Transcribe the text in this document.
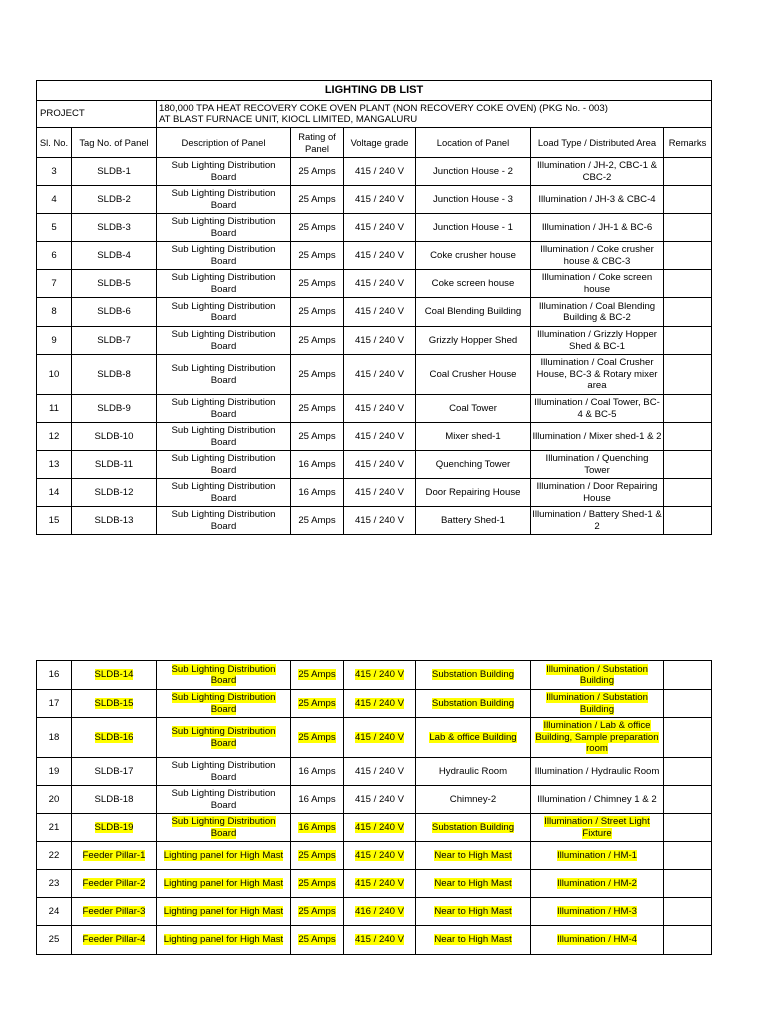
LIGHTING DB LIST							
PROJECT		180,000 TPA HEAT RECOVERY COKE OVEN PLANT (NON RECOVERY COKE OVEN) (PKG No. - 003)
AT BLAST FURNACE UNIT, KIOCL LIMITED, MANGALURU					

Sl. No.	Tag No. of Panel	Description of Panel	Rating of Panel	Voltage grade	Location of Panel	Load Type / Distributed Area	Remarks
3	SLDB-1	Sub Lighting Distribution Board	25 Amps	415 / 240 V	Junction House - 2	Illumination / JH-2, CBC-1 & CBC-2	
4	SLDB-2	Sub Lighting Distribution Board	25 Amps	415 / 240 V	Junction House - 3	Illumination / JH-3 & CBC-4	
5	SLDB-3	Sub Lighting Distribution Board	25 Amps	415 / 240 V	Junction House - 1	Illumination / JH-1 & BC-6	
6	SLDB-4	Sub Lighting Distribution Board	25 Amps	415 / 240 V	Coke crusher house	Illumination / Coke crusher house & CBC-3	
7	SLDB-5	Sub Lighting Distribution Board	25 Amps	415 / 240 V	Coke screen house	Illumination / Coke screen house	
8	SLDB-6	Sub Lighting Distribution Board	25 Amps	415 / 240 V	Coal Blending Building	Illumination / Coal Blending Building & BC-2	
9	SLDB-7	Sub Lighting Distribution Board	25 Amps	415 / 240 V	Grizzly Hopper Shed	Illumination / Grizzly Hopper Shed & BC-1	
10	SLDB-8	Sub Lighting Distribution Board	25 Amps	415 / 240 V	Coal Crusher House	Illumination / Coal Crusher House, BC-3 & Rotary mixer area	
11	SLDB-9	Sub Lighting Distribution Board	25 Amps	415 / 240 V	Coal Tower	Illumination / Coal Tower, BC-4 & BC-5	
12	SLDB-10	Sub Lighting Distribution Board	25 Amps	415 / 240 V	Mixer shed-1	Illumination / Mixer shed-1 & 2	
13	SLDB-11	Sub Lighting Distribution Board	16 Amps	415 / 240 V	Quenching Tower	Illumination / Quenching Tower	
14	SLDB-12	Sub Lighting Distribution Board	16 Amps	415 / 240 V	Door Repairing House	Illumination / Door Repairing House	
15	SLDB-13	Sub Lighting Distribution Board	25 Amps	415 / 240 V	Battery Shed-1	Illumination / Battery Shed-1 & 2	
16	SLDB-14	Sub Lighting Distribution Board	25 Amps	415 / 240 V	Substation Building	Illumination / Substation Building	
17	SLDB-15	Sub Lighting Distribution Board	25 Amps	415 / 240 V	Substation Building	Illumination / Substation Building	
18	SLDB-16	Sub Lighting Distribution Board	25 Amps	415 / 240 V	Lab & office Building	Illumination / Lab & office Building, Sample preparation room	
19	SLDB-17	Sub Lighting Distribution Board	16 Amps	415 / 240 V	Hydraulic Room	Illumination / Hydraulic Room	
20	SLDB-18	Sub Lighting Distribution Board	16 Amps	415 / 240 V	Chimney-2	Illumination / Chimney 1 & 2	
21	SLDB-19	Sub Lighting Distribution Board	16 Amps	415 / 240 V	Substation Building	Illumination / Street Light Fixture	
22	Feeder Pillar-1	Lighting panel for High Mast	25 Amps	415 / 240 V	Near to High Mast	Illumination / HM-1	
23	Feeder Pillar-2	Lighting panel for High Mast	25 Amps	415 / 240 V	Near to High Mast	Illumination / HM-2	
24	Feeder Pillar-3	Lighting panel for High Mast	25 Amps	416 / 240 V	Near to High Mast	Illumination / HM-3	
25	Feeder Pillar-4	Lighting panel for High Mast	25 Amps	415 / 240 V	Near to High Mast	Illumination / HM-4	
